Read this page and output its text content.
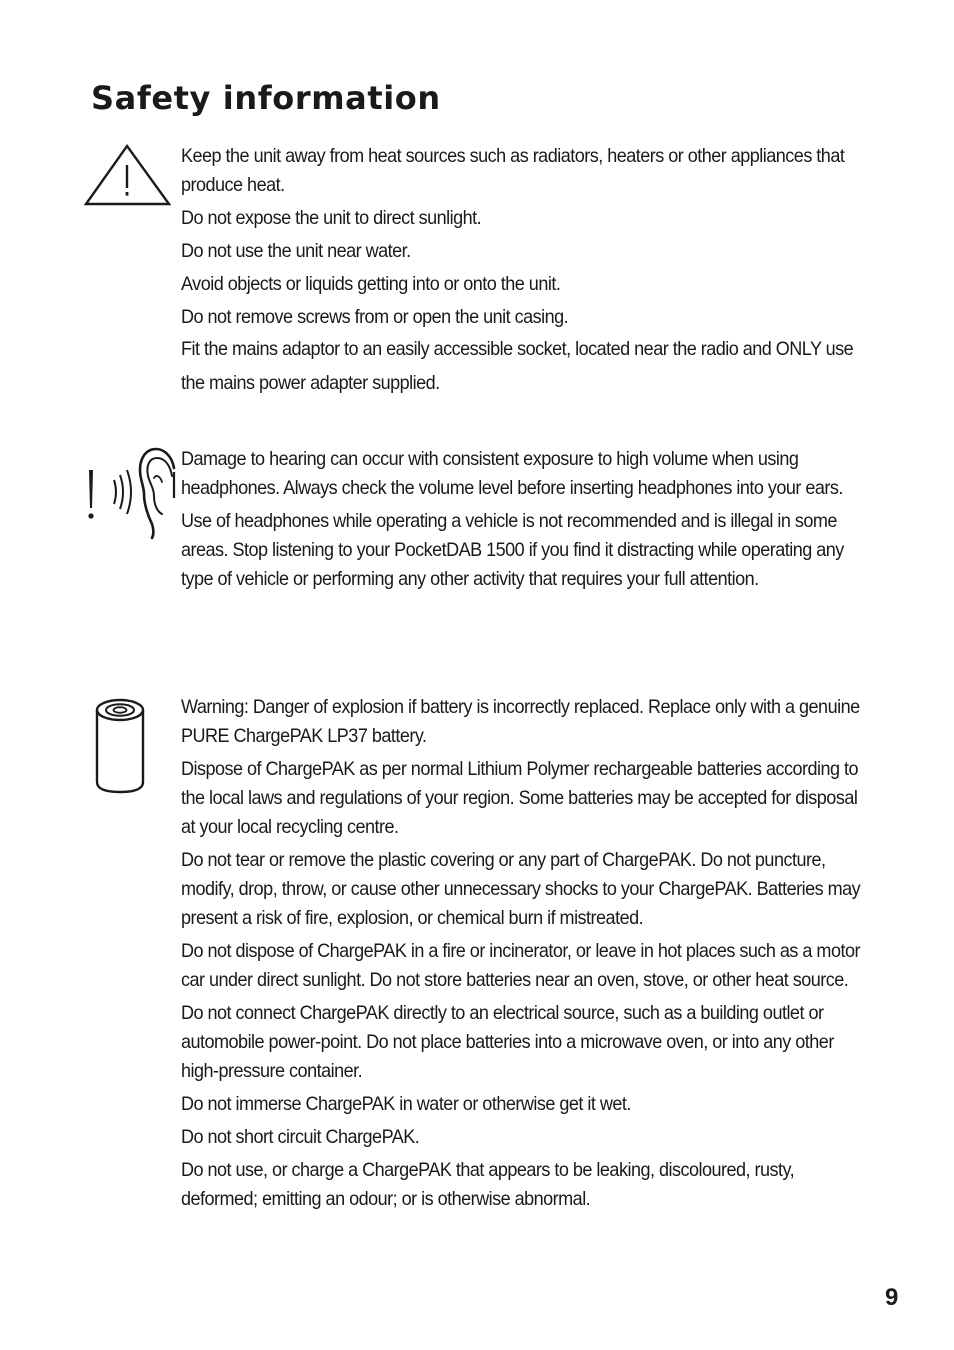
Safety information

Keep the unit away from heat sources such as radiators, heaters or other appliances that produce heat.

Do not expose the unit to direct sunlight.

Do not use the unit near water.

Avoid objects or liquids getting into or onto the unit.

Do not remove screws from or open the unit casing.

Fit the mains adaptor to an easily accessible socket, located near the radio and ONLY use the mains power adapter supplied.

Damage to hearing can occur with consistent exposure to high volume when using headphones. Always check the volume level before inserting headphones into your ears.

Use of headphones while operating a vehicle is not recommended and is illegal in some areas. Stop listening to your PocketDAB 1500 if you find it distracting while operating any type of vehicle or performing any other activity that requires your full attention.

Warning: Danger of explosion if battery is incorrectly replaced. Replace only with a genuine PURE ChargePAK LP37 battery.

Dispose of ChargePAK as per normal Lithium Polymer rechargeable batteries according to the local laws and regulations of your region. Some batteries may be accepted for disposal at your local recycling centre.

Do not tear or remove the plastic covering or any part of ChargePAK. Do not puncture, modify, drop, throw, or cause other unnecessary shocks to your ChargePAK. Batteries may present a risk of fire, explosion, or chemical burn if mistreated.

Do not dispose of ChargePAK in a fire or incinerator, or leave in hot places such as a motor car under direct sunlight. Do not store batteries near an oven, stove, or other heat source.

Do not connect ChargePAK directly to an electrical source, such as a building outlet or automobile power-point. Do not place batteries into a microwave oven, or into any other high-pressure container.

Do not immerse ChargePAK in water or otherwise get it wet.

Do not short circuit ChargePAK.

Do not use, or charge a ChargePAK that appears to be leaking, discoloured, rusty, deformed; emitting an odour; or is otherwise abnormal.

9
